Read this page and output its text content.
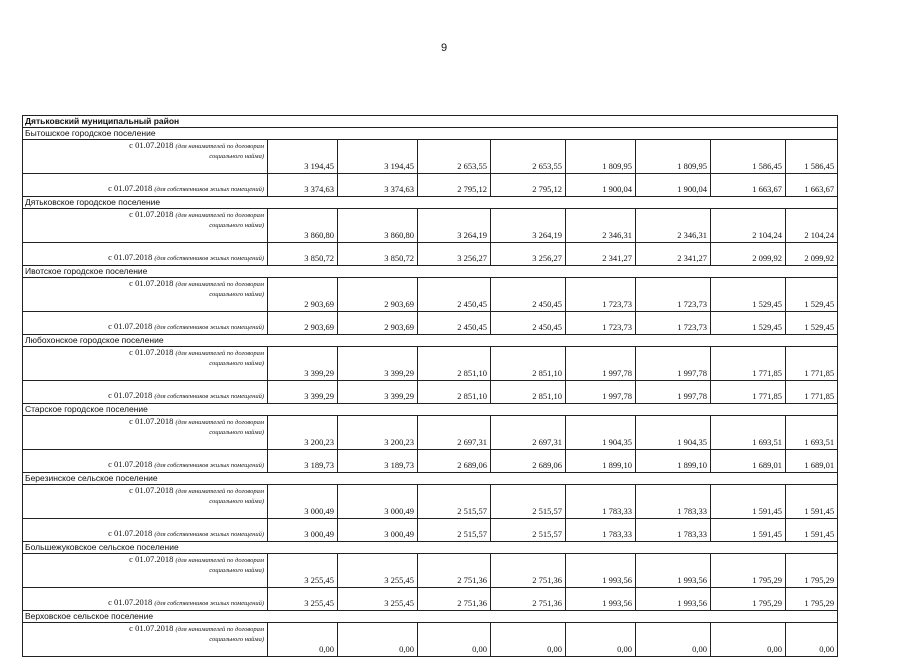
9
Дятьковский муниципальный район								
Бытошское городское поселение								
с 01.07.2018 (для нанимателей по договорам
социального найма)	3 194,45	3 194,45	2 653,55	2 653,55	1 809,95	1 809,95	1 586,45	1 586,45
с 01.07.2018 (для собственников жилых помещений)	3 374,63	3 374,63	2 795,12	2 795,12	1 900,04	1 900,04	1 663,67	1 663,67
Дятьковское городское поселение								
с 01.07.2018 (для нанимателей по договорам
социального найма)	3 860,80	3 860,80	3 264,19	3 264,19	2 346,31	2 346,31	2 104,24	2 104,24
с 01.07.2018 (для собственников жилых помещений)	3 850,72	3 850,72	3 256,27	3 256,27	2 341,27	2 341,27	2 099,92	2 099,92
Ивотское городское поселение								
с 01.07.2018 (для нанимателей по договорам
социального найма)	2 903,69	2 903,69	2 450,45	2 450,45	1 723,73	1 723,73	1 529,45	1 529,45
с 01.07.2018 (для собственников жилых помещений)	2 903,69	2 903,69	2 450,45	2 450,45	1 723,73	1 723,73	1 529,45	1 529,45
Любохонское городское поселение								
с 01.07.2018 (для нанимателей по договорам
социального найма)	3 399,29	3 399,29	2 851,10	2 851,10	1 997,78	1 997,78	1 771,85	1 771,85
с 01.07.2018 (для собственников жилых помещений)	3 399,29	3 399,29	2 851,10	2 851,10	1 997,78	1 997,78	1 771,85	1 771,85
Старское городское поселение								
с 01.07.2018 (для нанимателей по договорам
социального найма)	3 200,23	3 200,23	2 697,31	2 697,31	1 904,35	1 904,35	1 693,51	1 693,51
с 01.07.2018 (для собственников жилых помещений)	3 189,73	3 189,73	2 689,06	2 689,06	1 899,10	1 899,10	1 689,01	1 689,01
Березинское сельское поселение								
с 01.07.2018 (для нанимателей по договорам
социального найма)	3 000,49	3 000,49	2 515,57	2 515,57	1 783,33	1 783,33	1 591,45	1 591,45
с 01.07.2018 (для собственников жилых помещений)	3 000,49	3 000,49	2 515,57	2 515,57	1 783,33	1 783,33	1 591,45	1 591,45
Большежуковское сельское поселение								
с 01.07.2018 (для нанимателей по договорам
социального найма)	3 255,45	3 255,45	2 751,36	2 751,36	1 993,56	1 993,56	1 795,29	1 795,29
с 01.07.2018 (для собственников жилых помещений)	3 255,45	3 255,45	2 751,36	2 751,36	1 993,56	1 993,56	1 795,29	1 795,29
Верховское сельское поселение								
с 01.07.2018 (для нанимателей по договорам
социального найма)	0,00	0,00	0,00	0,00	0,00	0,00	0,00	0,00
